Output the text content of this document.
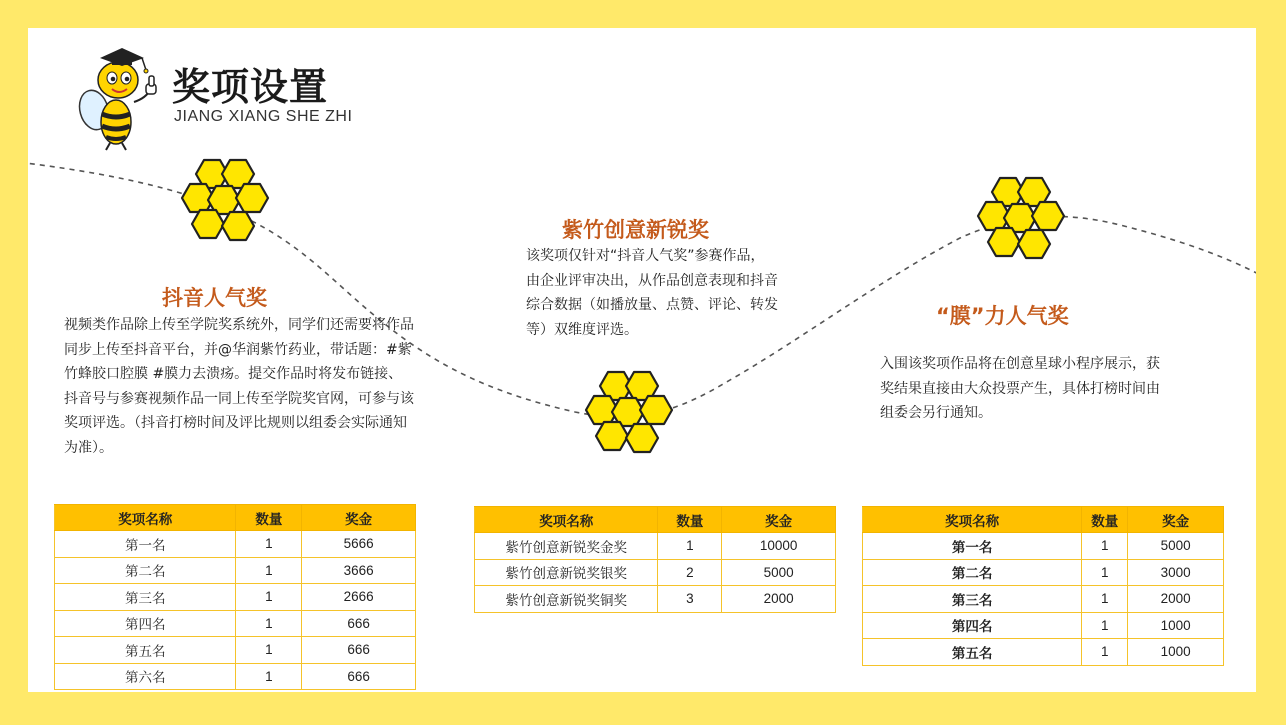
奖项设置
JIANG XIANG SHE ZHI
抖音人气奖
视频类作品除上传至学院奖系统外，同学们还需要将作品同步上传至抖音平台，并@华润紫竹药业，带话题：#紫竹蜂胶口腔膜 #膜力去溃疡。提交作品时将发布链接、抖音号与参赛视频作品一同上传至学院奖官网，可参与该奖项评选。（抖音打榜时间及评比规则以组委会实际通知为准）。
紫竹创意新锐奖
该奖项仅针对“抖音人气奖”参赛作品，由企业评审决出，从作品创意表现和抖音综合数据（如播放量、点赞、评论、转发等）双维度评选。
“膜”力人气奖
入围该奖项作品将在创意星球小程序展示，获奖结果直接由大众投票产生，具体打榜时间由组委会另行通知。
奖项名称	数量	奖金
第一名	1	5666
第二名	1	3666
第三名	1	2666
第四名	1	666
第五名	1	666
第六名	1	666
奖项名称	数量	奖金
紫竹创意新锐奖金奖	1	10000
紫竹创意新锐奖银奖	2	5000
紫竹创意新锐奖铜奖	3	2000
奖项名称	数量	奖金
第一名	1	5000
第二名	1	3000
第三名	1	2000
第四名	1	1000
第五名	1	1000
